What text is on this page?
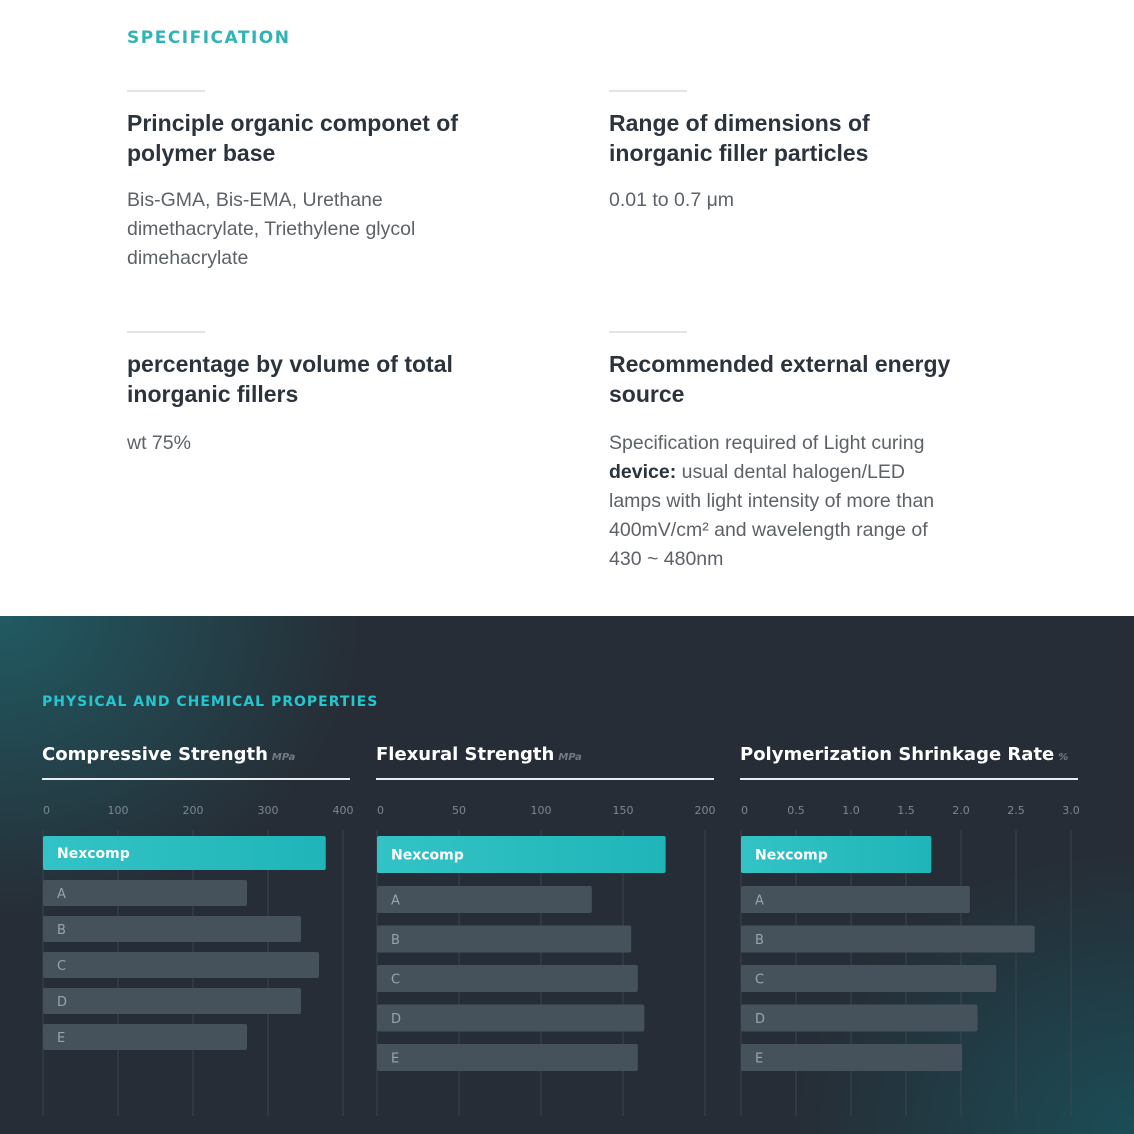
SPECIFICATION
Principle organic componet of polymer base
Bis-GMA, Bis-EMA, Urethane dimethacrylate, Triethylene glycol dimehacrylate
Range of dimensions of inorganic filler particles
0.01 to 0.7 μm
percentage by volume of total inorganic fillers
wt 75%
Recommended external energy source
Specification required of Light curing device: usual dental halogen/LED lamps with light intensity of more than 400mV/cm² and wavelength range of 430 ~ 480nm
PHYSICAL AND CHEMICAL PROPERTIES
Compressive Strength MPa
0	100	200	300	400
Nexcomp
A
B
C
D
E
Flexural Strength MPa
0	50	100	150	200
Nexcomp
A
B
C
D
E
Polymerization Shrinkage Rate %
0	0.5	1.0	1.5	2.0	2.5	3.0
Nexcomp
A
B
C
D
E
